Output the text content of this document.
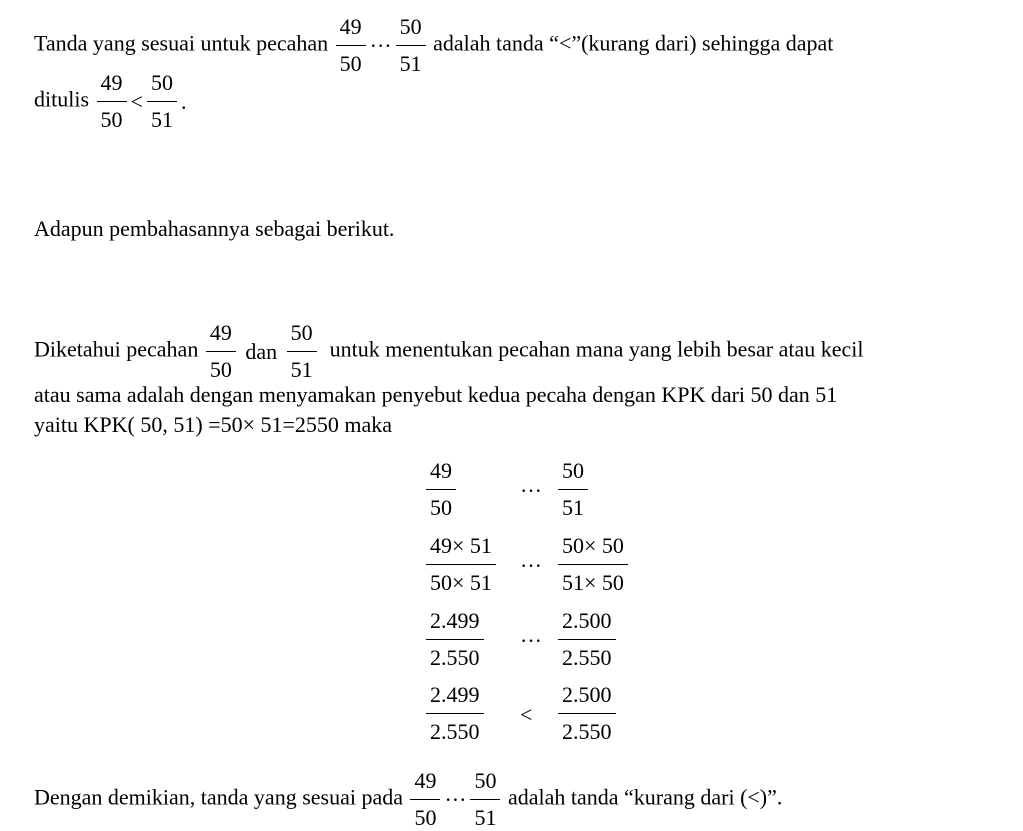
Tanda yang sesuai untuk pecahan $\frac{49}{50}$ ··· $\frac{50}{51}$ adalah tanda “<”(kurang dari) sehingga dapat
ditulis $\frac{49}{50} < \frac{50}{51}$ .
Adapun pembahasannya sebagai berikut.
Diketahui pecahan $\frac{49}{50}$ dan $\frac{50}{51}$ untuk menentukan pecahan mana yang lebih besar atau kecil
atau sama adalah dengan menyamakan penyebut kedua pecaha dengan KPK dari 50 dan 51
yaitu KPK( 50, 51) =50× 51=2550 maka
49
50
···
50
51
49× 51
50× 51
···
50× 50
51× 50
2.499
2.550
···
2.500
2.550
2.499
2.550
<
2.500
2.550
Dengan demikian, tanda yang sesuai pada $\frac{49}{50}$ ··· $\frac{50}{51}$ adalah tanda “kurang dari (<)”.
